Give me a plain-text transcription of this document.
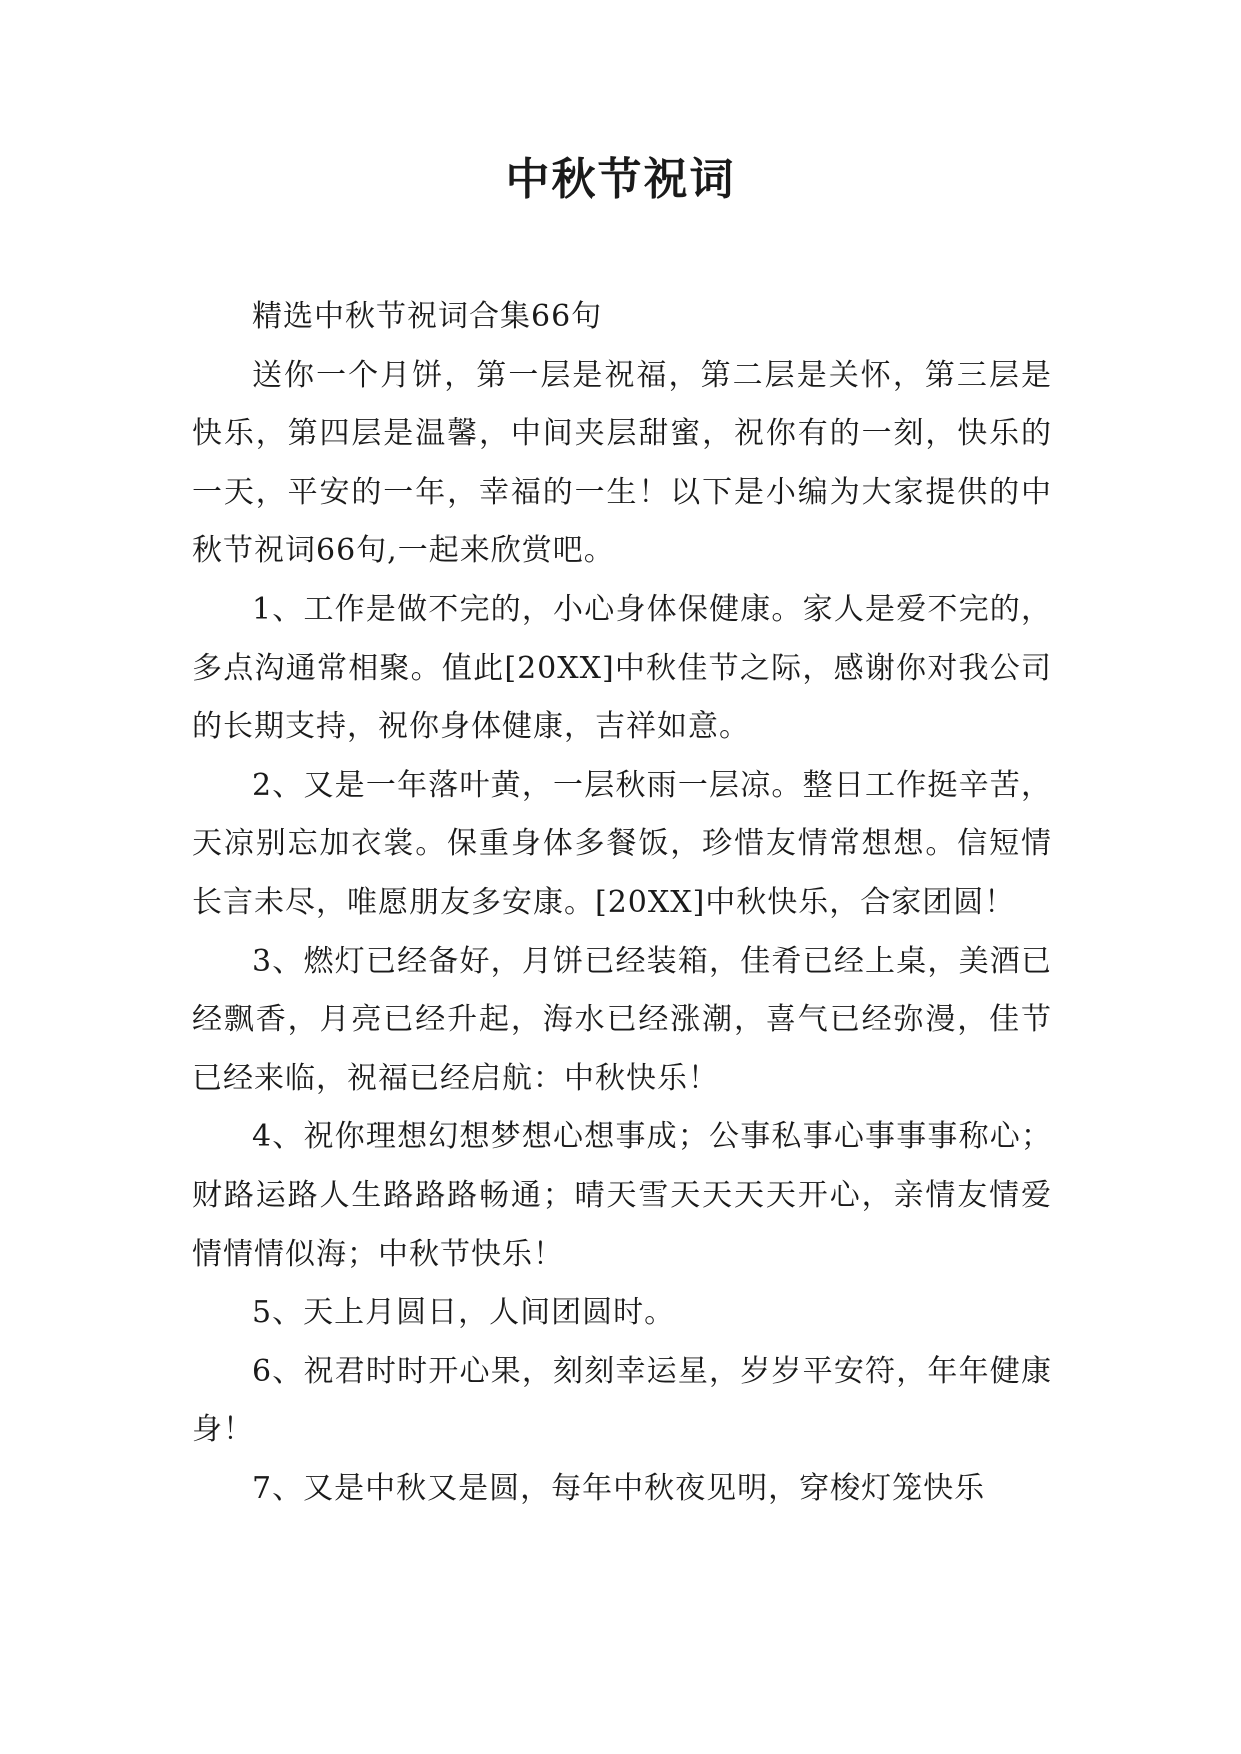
中秋节祝词

精选中秋节祝词合集66句

送你一个月饼，第一层是祝福，第二层是关怀，第三层是快乐，第四层是温馨，中间夹层甜蜜，祝你有的一刻，快乐的一天，平安的一年，幸福的一生！以下是小编为大家提供的中秋节祝词66句,一起来欣赏吧。

1、工作是做不完的，小心身体保健康。家人是爱不完的，多点沟通常相聚。值此[20XX]中秋佳节之际，感谢你对我公司的长期支持，祝你身体健康，吉祥如意。

2、又是一年落叶黄，一层秋雨一层凉。整日工作挺辛苦，天凉别忘加衣裳。保重身体多餐饭，珍惜友情常想想。信短情长言未尽，唯愿朋友多安康。[20XX]中秋快乐，合家团圆！

3、燃灯已经备好，月饼已经装箱，佳肴已经上桌，美酒已经飘香，月亮已经升起，海水已经涨潮，喜气已经弥漫，佳节已经来临，祝福已经启航：中秋快乐！

4、祝你理想幻想梦想心想事成；公事私事心事事事称心；财路运路人生路路路畅通；晴天雪天天天天开心，亲情友情爱情情情似海；中秋节快乐！

5、天上月圆日，人间团圆时。

6、祝君时时开心果，刻刻幸运星，岁岁平安符，年年健康身！

7、又是中秋又是圆，每年中秋夜见明，穿梭灯笼快乐
